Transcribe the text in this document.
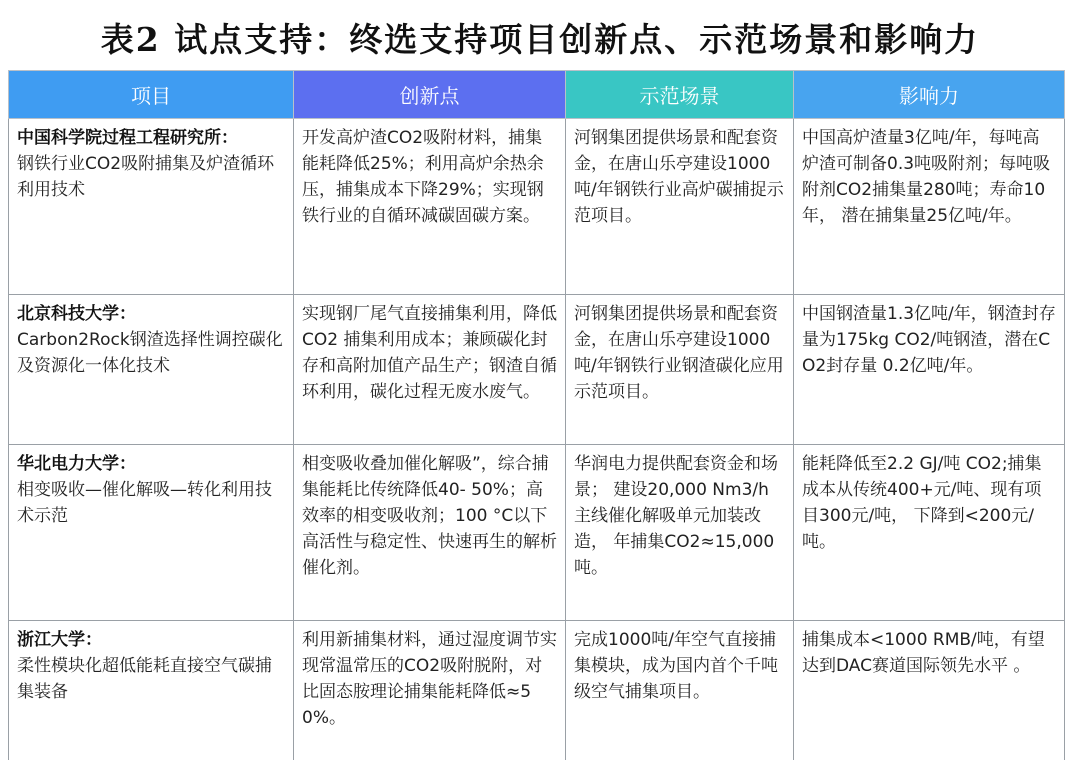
表2 试点支持：终选支持项目创新点、示范场景和影响力
项目	创新点	示范场景	影响力

中国科学院过程工程研究所：
钢铁行业CO2吸附捕集及炉渣循环利用技术	开发高炉渣CO2吸附材料，捕集能耗降低25%；利用高炉余热余压，捕集成本下降29%；实现钢铁行业的自循环减碳固碳方案。	河钢集团提供场景和配套资金，在唐山乐亭建设1000吨/年钢铁行业高炉碳捕捉示范项目。	中国高炉渣量3亿吨/年，每吨高炉渣可制备0.3吨吸附剂；每吨吸附剂CO2捕集量280吨；寿命10年， 潜在捕集量25亿吨/年。

北京科技大学：
Carbon2Rock钢渣选择性调控碳化及资源化一体化技术	实现钢厂尾气直接捕集利用，降低CO2 捕集利用成本；兼顾碳化封存和高附加值产品生产；钢渣自循环利用，碳化过程无废水废气。	河钢集团提供场景和配套资金，在唐山乐亭建设1000吨/年钢铁行业钢渣碳化应用示范项目。	中国钢渣量1.3亿吨/年，钢渣封存量为175kg CO2/吨钢渣，潜在CO2封存量 0.2亿吨/年。

华北电力大学：
相变吸收—催化解吸—转化利用技术示范	相变吸收叠加催化解吸”，综合捕集能耗比传统降低40- 50%；高效率的相变吸收剂；100 °C以下高活性与稳定性、快速再生的解析催化剂。	华润电力提供配套资金和场景； 建设20,000 Nm3/h主线催化解吸单元加装改造， 年捕集CO2≈15,000 吨。	能耗降低至2.2 GJ/吨 CO2;捕集成本从传统400+元/吨、现有项目300元/吨， 下降到<200元/吨。

浙江大学：
柔性模块化超低能耗直接空气碳捕集装备	利用新捕集材料，通过湿度调节实现常温常压的CO2吸附脱附，对比固态胺理论捕集能耗降低≈50%。	完成1000吨/年空气直接捕集模块，成为国内首个千吨级空气捕集项目。	捕集成本<1000 RMB/吨，有望达到DAC赛道国际领先水平 。
